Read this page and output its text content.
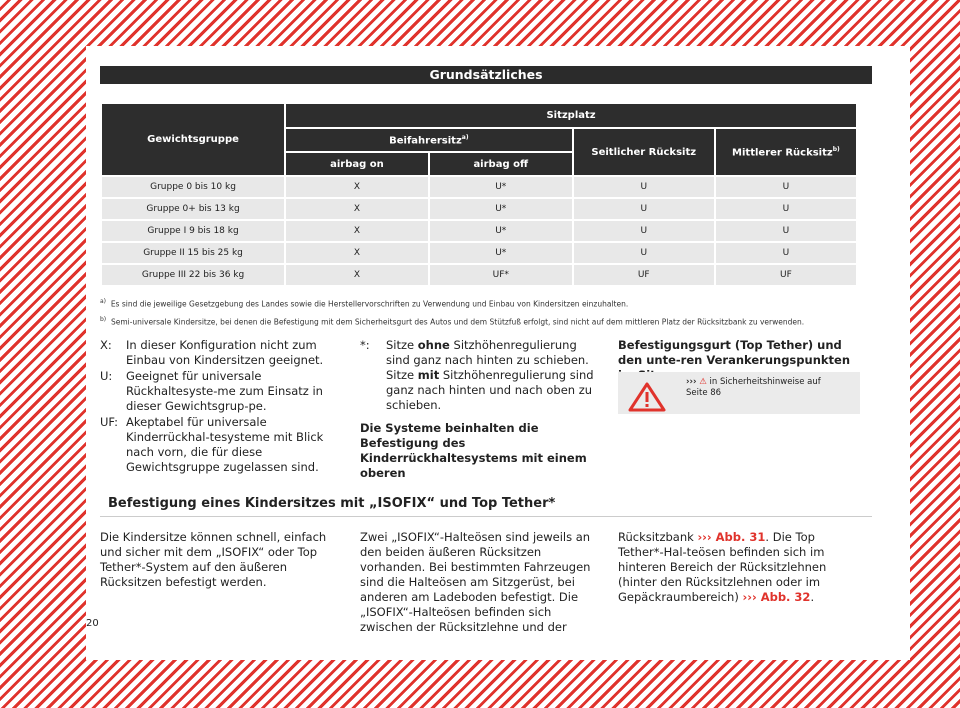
Grundsätzliches
Gewichtsgruppe	Sitzplatz			
	Beifahrersitz$^{a)}$		Seitlicher Rücksitz	Mittlerer Rücksitz$^{b)}$
	airbag on	airbag off		
Gruppe 0 bis 10 kg	X	U*	U	U
Gruppe 0+ bis 13 kg	X	U*	U	U
Gruppe I 9 bis 18 kg	X	U*	U	U
Gruppe II 15 bis 25 kg	X	U*	U	U
Gruppe III 22 bis 36 kg	X	UF*	UF	UF

$^{a)}$ Es sind die jeweilige Gesetzgebung des Landes sowie die Herstellervorschriften zu Verwendung und Einbau von Kindersitzen einzuhalten.

$^{b)}$ Semi-universale Kindersitze, bei denen die Befestigung mit dem Sicherheitsgurt des Autos und dem Stützfuß erfolgt, sind nicht auf dem mittleren Platz der Rücksitzbank zu verwenden.

X:	In dieser Konfiguration nicht zum Einbau von Kindersitzen geeignet.
U:	Geeignet für universale Rückhaltesyste-me zum Einsatz in dieser Gewichtsgrup-pe.
UF: Akeptabel für universale Kinderrückhal-tesysteme mit Blick nach vorn, die für diese Gewichtsgruppe zugelassen sind.
*:	Sitze ohne Sitzhöhenregulierung sind ganz nach hinten zu schieben. Sitze mit Sitzhöhenregulierung sind ganz nach hinten und nach oben zu schieben.
Die Systeme beinhalten die Befestigung des Kinderrückhaltesystems mit einem oberen
Befestigungsgurt (Top Tether) und den unte-ren Verankerungspunkten
››› ⚠ in Sicherheitshinweise auf
Seite 86
Befestigung eines Kindersitzes mit „ISOFIX“ und Top Tether*
Die Kindersitze können schnell, einfach und sicher mit dem „ISOFIX“ oder Top Tether*-System auf den äußeren Rücksitzen befestigt werden.
Zwei „ISOFIX“-Halteösen sind jeweils an den beiden äußeren Rücksitzen vorhanden. Bei bestimmten Fahrzeugen sind die Halteösen am Sitzgerüst, bei anderen am Ladeboden befestigt. Die „ISOFIX“-Halteösen befinden sich zwischen der Rücksitzlehne und der
Rücksitzbank ››› Abb. 31. Die Top Tether*-Hal-teösen befinden sich im hinteren Bereich der Rücksitzlehnen (hinter den Rücksitzlehnen oder im Gepäckraumbereich) ››› Abb. 32.
20
